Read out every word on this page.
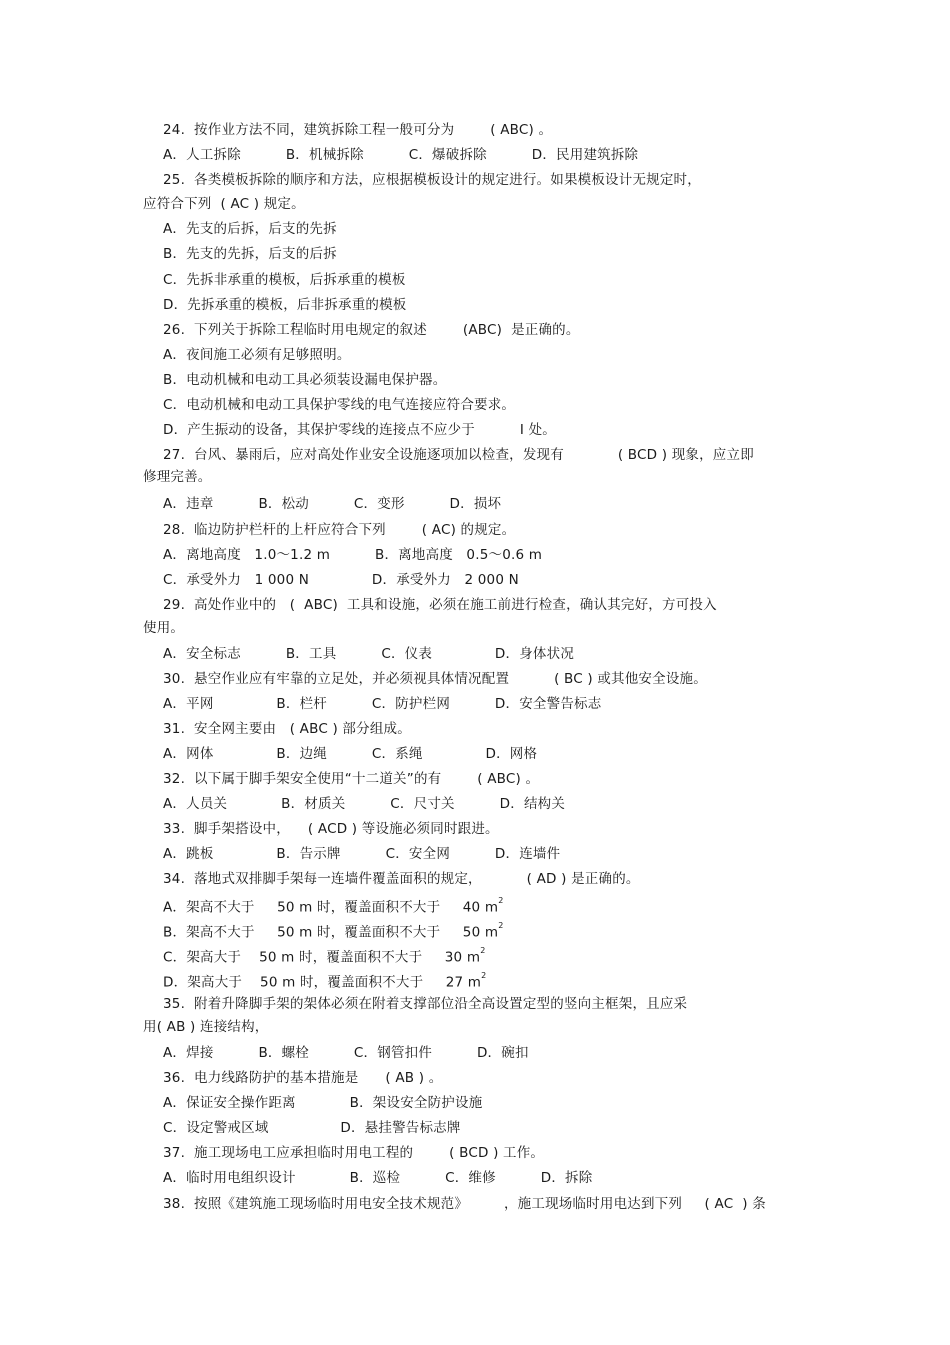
24.  按作业方法不同，建筑拆除工程一般可分为        ( ABC) 。
A．人工拆除          B．机械拆除          C．爆破拆除          D．民用建筑拆除
25.  各类模板拆除的顺序和方法，应根据模板设计的规定进行。如果模板设计无规定时，
应符合下列  ( AC ) 规定。
A．先支的后拆，后支的先拆
B．先支的先拆，后支的后拆
C．先拆非承重的模板，后拆承重的模板
D．先拆承重的模板，后非拆承重的模板
26.  下列关于拆除工程临时用电规定的叙述        (ABC)  是正确的。
A．夜间施工必须有足够照明。
B．电动机械和电动工具必须装设漏电保护器。
C．电动机械和电动工具保护零线的电气连接应符合要求。
D．产生振动的设备，其保护零线的连接点不应少于          I 处。
27.  台风、暴雨后，应对高处作业安全设施逐项加以检查，发现有            ( BCD ) 现象，应立即
修理完善。
A．违章          B．松动          C．变形          D．损坏
28.  临边防护栏杆的上杆应符合下列        ( AC) 的规定。
A．离地高度   1.0～1.2 m          B．离地高度   0.5～0.6 m
C．承受外力   1 000 N              D．承受外力   2 000 N
29.  高处作业中的   (  ABC)  工具和设施，必须在施工前进行检查，确认其完好，方可投入
使用。
A．安全标志          B．工具          C．仪表              D．身体状况
30.  悬空作业应有牢靠的立足处，并必须视具体情况配置          ( BC ) 或其他安全设施。
A．平网              B．栏杆          C．防护栏网          D．安全警告标志
31.  安全网主要由   ( ABC ) 部分组成。
A．网体              B．边绳          C．系绳              D．网格
32.  以下属于脚手架安全使用“十二道关”的有        ( ABC) 。
A．人员关            B．材质关          C．尺寸关          D．结构关
33.  脚手架搭设中，    ( ACD ) 等设施必须同时跟进。
A．跳板              B．告示牌          C．安全网          D．连墙件
34.  落地式双排脚手架每一连墙件覆盖面积的规定，          ( AD ) 是正确的。
A．架高不大于     50 m 时，覆盖面积不大于     40 $m^2$
B．架高不大于     50 m 时，覆盖面积不大于     50 $m^2$
C．架高大于    50 m 时，覆盖面积不大于     30 $m^2$
D．架高大于    50 m 时，覆盖面积不大于     27 $m^2$
35.  附着升降脚手架的架体必须在附着支撑部位沿全高设置定型的竖向主框架，且应采
用( AB ) 连接结构，
A．焊接          B．螺栓          C．钢管扣件          D．碗扣
36.  电力线路防护的基本措施是      ( AB ) 。
A．保证安全操作距离            B．架设安全防护设施
C．设定警戒区域                D．悬挂警告标志牌
37.  施工现场电工应承担临时用电工程的        ( BCD ) 工作。
A．临时用电组织设计            B．巡检          C．维修          D．拆除
38.  按照《建筑施工现场临时用电安全技术规范》        ，施工现场临时用电达到下列     ( AC  ) 条
